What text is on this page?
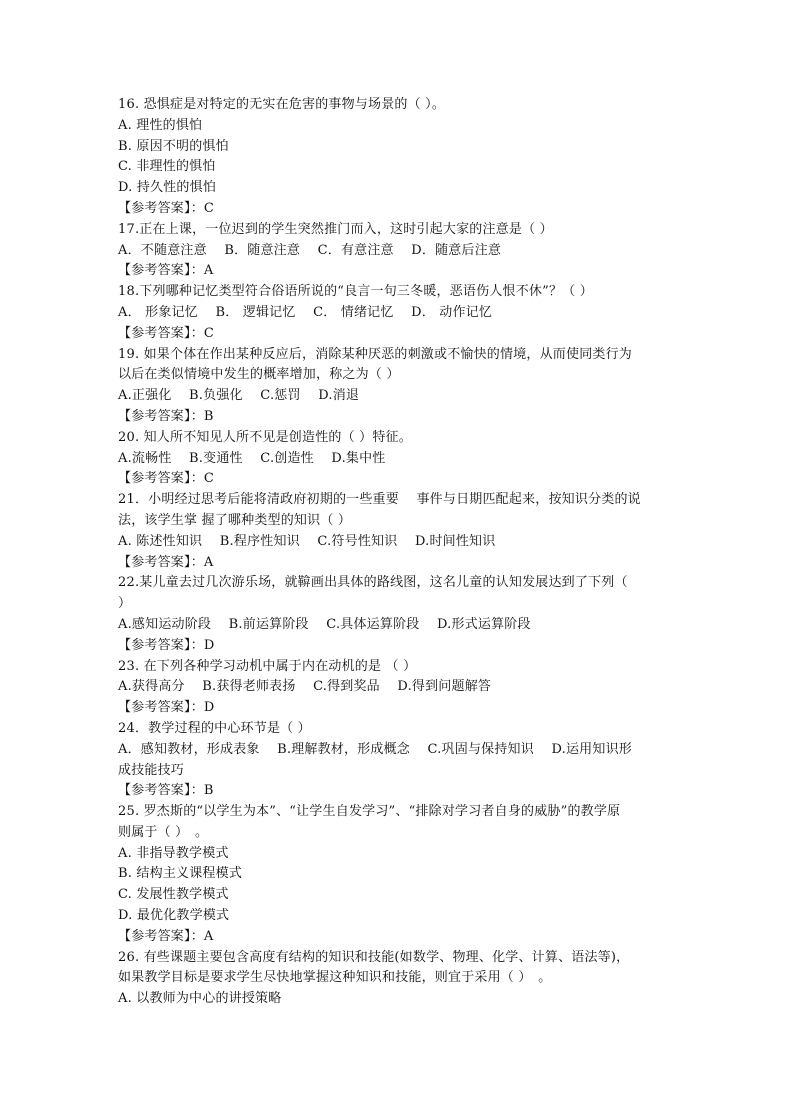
16. 恐惧症是对特定的无实在危害的事物与场景的（ ）。
A. 理性的惧怕
B. 原因不明的惧怕
C. 非理性的惧怕
D. 持久性的惧怕
【参考答案】：C
17.正在上课，一位迟到的学生突然推门而入，这时引起大家的注意是（ ）
A．不随意注意　 B．随意注意　 C．有意注意　 D．随意后注意
【参考答案】：A
18.下列哪种记忆类型符合俗语所说的“良言一句三冬暖，恶语伤人恨不休”？（ ）
A． 形象记忆　 B． 逻辑记忆　 C． 情绪记忆　 D． 动作记忆
【参考答案】：C
19. 如果个体在作出某种反应后，消除某种厌恶的刺激或不愉快的情境，从而使同类行为
以后在类似情境中发生的概率增加，称之为（ ）
A.正强化　 B.负强化　 C.惩罚　 D.消退
【参考答案】：B
20. 知人所不知见人所不见是创造性的（ ）特征。
A.流畅性　 B.变通性　 C.创造性　 D.集中性
【参考答案】：C
21．小明经过思考后能将清政府初期的一些重要　 事件与日期匹配起来，按知识分类的说
法，该学生掌 握了哪种类型的知识（ ）
A. 陈述性知识　 B.程序性知识　 C.符号性知识　 D.时间性知识
【参考答案】：A
22.某儿童去过几次游乐场，就鞥画出具体的路线图，这名儿童的认知发展达到了下列（
）
A.感知运动阶段　 B.前运算阶段　 C.具体运算阶段　 D.形式运算阶段
【参考答案】：D
23. 在下列各种学习动机中属于内在动机的是 （ ）
A.获得高分　 B.获得老师表扬　 C.得到奖品　 D.得到问题解答
【参考答案】：D
24．教学过程的中心环节是（ ）
A．感知教材，形成表象　 B.理解教材，形成概念　 C.巩固与保持知识　 D.运用知识形
成技能技巧
【参考答案】：B
25. 罗杰斯的“以学生为本”、“让学生自发学习”、“排除对学习者自身的威胁”的教学原
则属于（ ）　。
A. 非指导教学模式
B. 结构主义课程模式
C. 发展性教学模式
D. 最优化教学模式
【参考答案】：A
26. 有些课题主要包含高度有结构的知识和技能(如数学、物理、化学、计算、语法等)，
如果教学目标是要求学生尽快地掌握这种知识和技能，则宜于采用（ ）　。
A. 以教师为中心的讲授策略
